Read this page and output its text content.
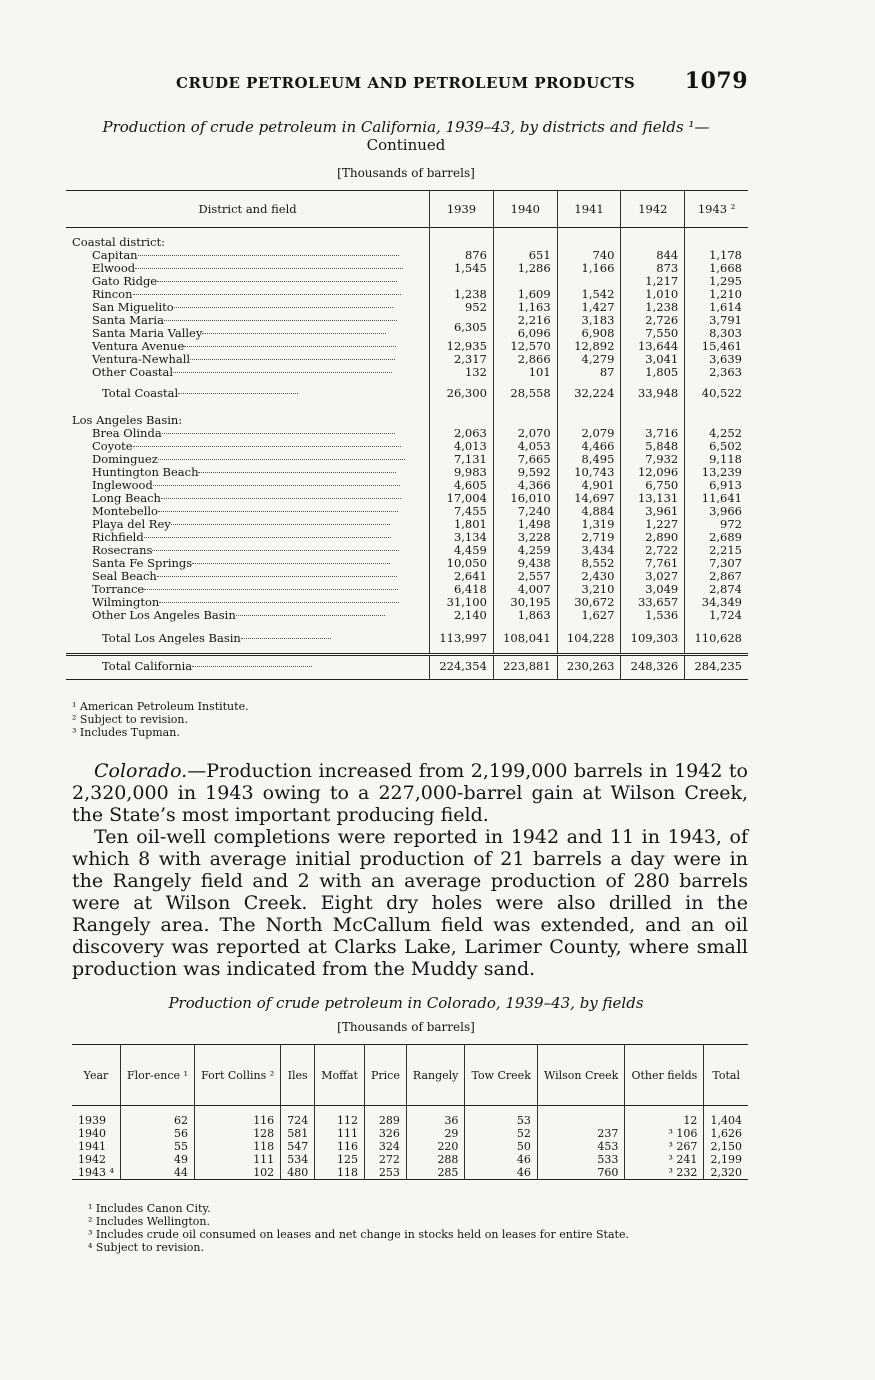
CRUDE PETROLEUM AND PETROLEUM PRODUCTS 1079
Production of crude petroleum in California, 1939–43, by districts and fields ¹—
Continued
[Thousands of barrels]
District and field	1939	1940	1941	1942	1943 ²
Coastal district:					
Capitan	876	651	740	844	1,178
Elwood	1,545	1,286	1,166	873	1,668
Gato Ridge				1,217	1,295
Rincon	1,238	1,609	1,542	1,010	1,210
San Miguelito	952	1,163	1,427	1,238	1,614
Santa Maria	6,305	2,216	3,183	2,726	3,791
Santa Maria Valley		6,096	6,908	7,550	8,303
Ventura Avenue	12,935	12,570	12,892	13,644	15,461
Ventura-Newhall	2,317	2,866	4,279	3,041	3,639
Other Coastal	132	101	87	1,805	2,363
Total Coastal	26,300	28,558	32,224	33,948	40,522
Los Angeles Basin:					
Brea Olinda	2,063	2,070	2,079	3,716	4,252
Coyote	4,013	4,053	4,466	5,848	6,502
Dominguez	7,131	7,665	8,495	7,932	9,118
Huntington Beach	9,983	9,592	10,743	12,096	13,239
Inglewood	4,605	4,366	4,901	6,750	6,913
Long Beach	17,004	16,010	14,697	13,131	11,641
Montebello	7,455	7,240	4,884	3,961	3,966
Playa del Rey	1,801	1,498	1,319	1,227	972
Richfield	3,134	3,228	2,719	2,890	2,689
Rosecrans	4,459	4,259	3,434	2,722	2,215
Santa Fe Springs	10,050	9,438	8,552	7,761	7,307
Seal Beach	2,641	2,557	2,430	3,027	2,867
Torrance	6,418	4,007	3,210	3,049	2,874
Wilmington	31,100	30,195	30,672	33,657	34,349
Other Los Angeles Basin	2,140	1,863	1,627	1,536	1,724
Total Los Angeles Basin	113,997	108,041	104,228	109,303	110,628
Total California	224,354	223,881	230,263	248,326	284,235
¹ American Petroleum Institute.
² Subject to revision.
³ Includes Tupman.

Colorado.—Production increased from 2,199,000 barrels in 1942 to 2,320,000 in 1943 owing to a 227,000-barrel gain at Wilson Creek, the State’s most important producing field.

Ten oil-well completions were reported in 1942 and 11 in 1943, of which 8 with average initial production of 21 barrels a day were in the Rangely field and 2 with an average production of 280 barrels were at Wilson Creek. Eight dry holes were also drilled in the Rangely area. The North McCallum field was extended, and an oil discovery was reported at Clarks Lake, Larimer County, where small production was indicated from the Muddy sand.

Production of crude petroleum in Colorado, 1939–43, by fields
[Thousands of barrels]
Year	Flor-ence ¹	Fort Collins ²	Iles	Moffat	Price	Rangely	Tow Creek	Wilson Creek	Other fields	Total
1939	62	116	724	112	289	36	53		12	1,404
1940	56	128	581	111	326	29	52	237	³ 106	1,626
1941	55	118	547	116	324	220	50	453	³ 267	2,150
1942	49	111	534	125	272	288	46	533	³ 241	2,199
1943 ⁴	44	102	480	118	253	285	46	760	³ 232	2,320
¹ Includes Canon City.
² Includes Wellington.
³ Includes crude oil consumed on leases and net change in stocks held on leases for entire State.
⁴ Subject to revision.
